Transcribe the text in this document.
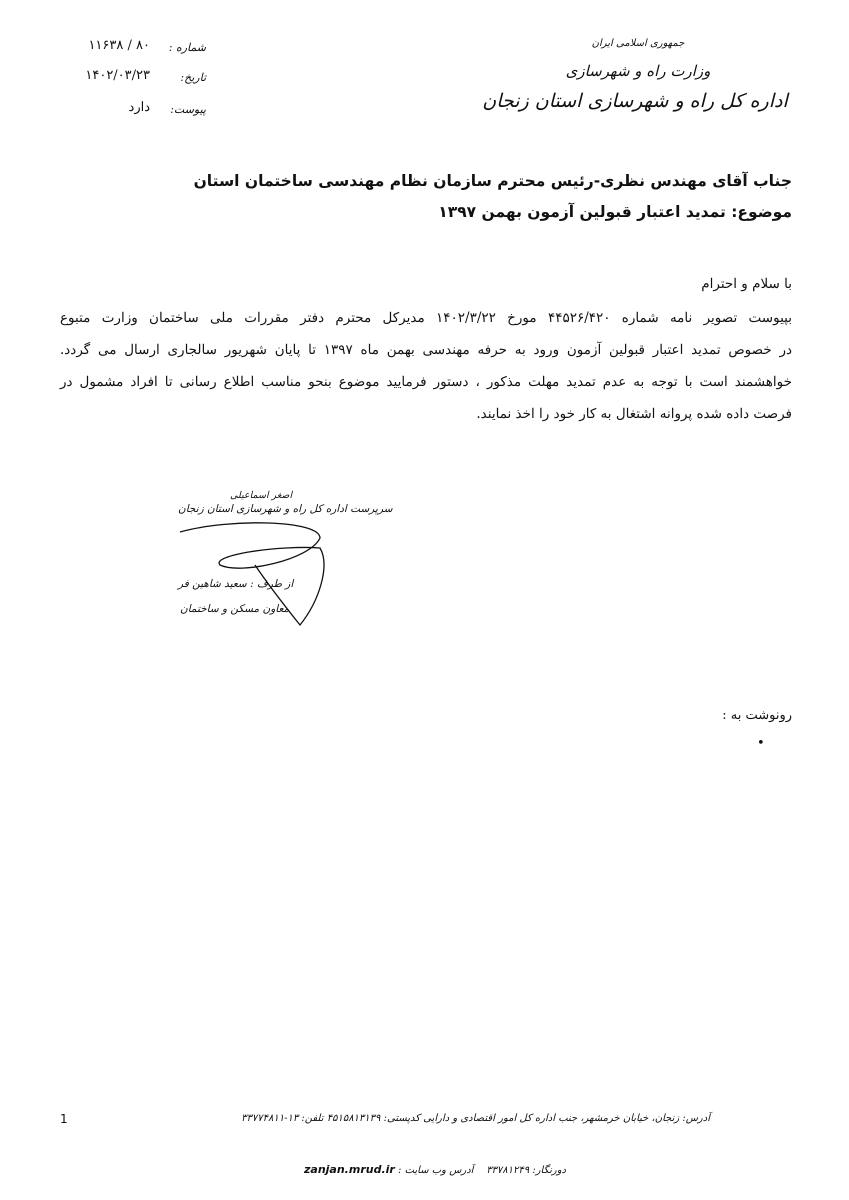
جمهوری اسلامی ایران
وزارت راه و شهرسازی
اداره کل راه و شهرسازی استان زنجان
شماره :
۸۰ / ۱۱۶۳۸
تاریخ:
۱۴۰۲/۰۳/۲۳
پیوست:
دارد
جناب آقای مهندس نظری-رئیس محترم سازمان نظام مهندسی ساختمان استان
موضوع: تمدید اعتبار قبولین آزمون بهمن ۱۳۹۷
با سلام و احترام
بپیوست تصویر نامه شماره ۴۴۵۲۶/۴۲۰ مورخ ۱۴۰۲/۳/۲۲ مدیرکل محترم دفتر مقررات ملی ساختمان وزارت متبوع
در خصوص تمدید اعتبار قبولین آزمون ورود به حرفه مهندسی بهمن ماه ۱۳۹۷ تا پایان شهریور سالجاری ارسال می گردد.
خواهشمند است با توجه به عدم تمدید مهلت مذکور ، دستور فرمایید موضوع بنحو مناسب اطلاع رسانی تا افراد مشمول در
فرصت داده شده پروانه اشتغال به کار خود را اخذ نمایند.
اصغر اسماعیلی
سرپرست اداره کل راه و شهرسازی استان زنجان
از طرف : سعید شاهین فر
معاون مسکن و ساختمان
رونوشت به :
•
1	آدرس: زنجان، خیابان خرمشهر، جنب اداره کل امور اقتصادی و دارایی کدپستی: ۴۵۱۵۸۱۳۱۳۹ تلفن: ۱۳-۳۳۷۷۴۸۱۱
دورنگار: ۳۳۷۸۱۲۴۹    آدرس وب سایت : zanjan.mrud.ir
